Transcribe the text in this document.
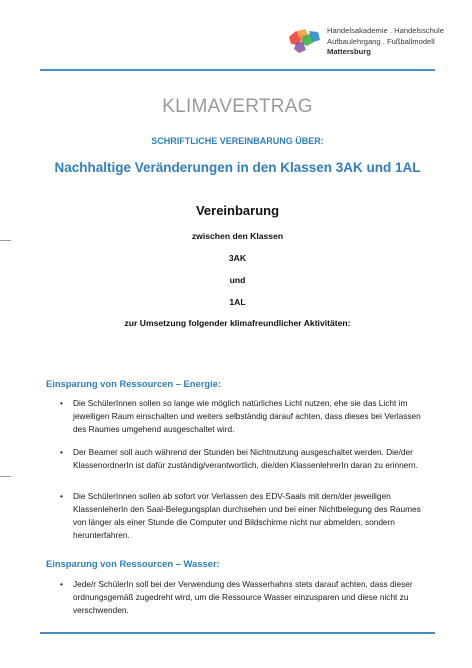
Handelsakademie . Handelsschule
Aufbaulehrgang . Fußballmodell
Mattersburg
KLIMAVERTRAG
SCHRIFTLICHE VEREINBARUNG ÜBER:
Nachhaltige Veränderungen in den Klassen 3AK und 1AL
Vereinbarung
zwischen den Klassen
3AK
und
1AL
zur Umsetzung folgender klimafreundlicher Aktivitäten:
Einsparung von Ressourcen – Energie:
• Die SchülerInnen sollen so lange wie möglich natürliches Licht nutzen, ehe sie das Licht im jeweiligen Raum einschalten und weiters selbständig darauf achten, dass dieses bei Verlassen des Raumes umgehend ausgeschaltet wird.
• Der Beamer soll auch während der Stunden bei Nichtnutzung ausgeschaltet werden. Die/der KlassenordnerIn ist dafür zuständig/verantwortlich, die/den KlassenlehrerIn daran zu erinnern.
• Die SchülerInnen sollen ab sofort vor Verlassen des EDV-Saals mit dem/der jeweiligen KlassenleherIn den Saal-Belegungsplan durchsehen und bei einer Nichtbelegung des Raumes von länger als einer Stunde die Computer und Bildschirme nicht nur abmelden, sondern herunterfahren.
Einsparung von Ressourcen – Wasser:
• Jede/r SchülerIn soll bei der Verwendung des Wasserhahns stets darauf achten, dass dieser ordnungsgemäß zugedreht wird, um die Ressource Wasser einzusparen und diese nicht zu verschwenden.
